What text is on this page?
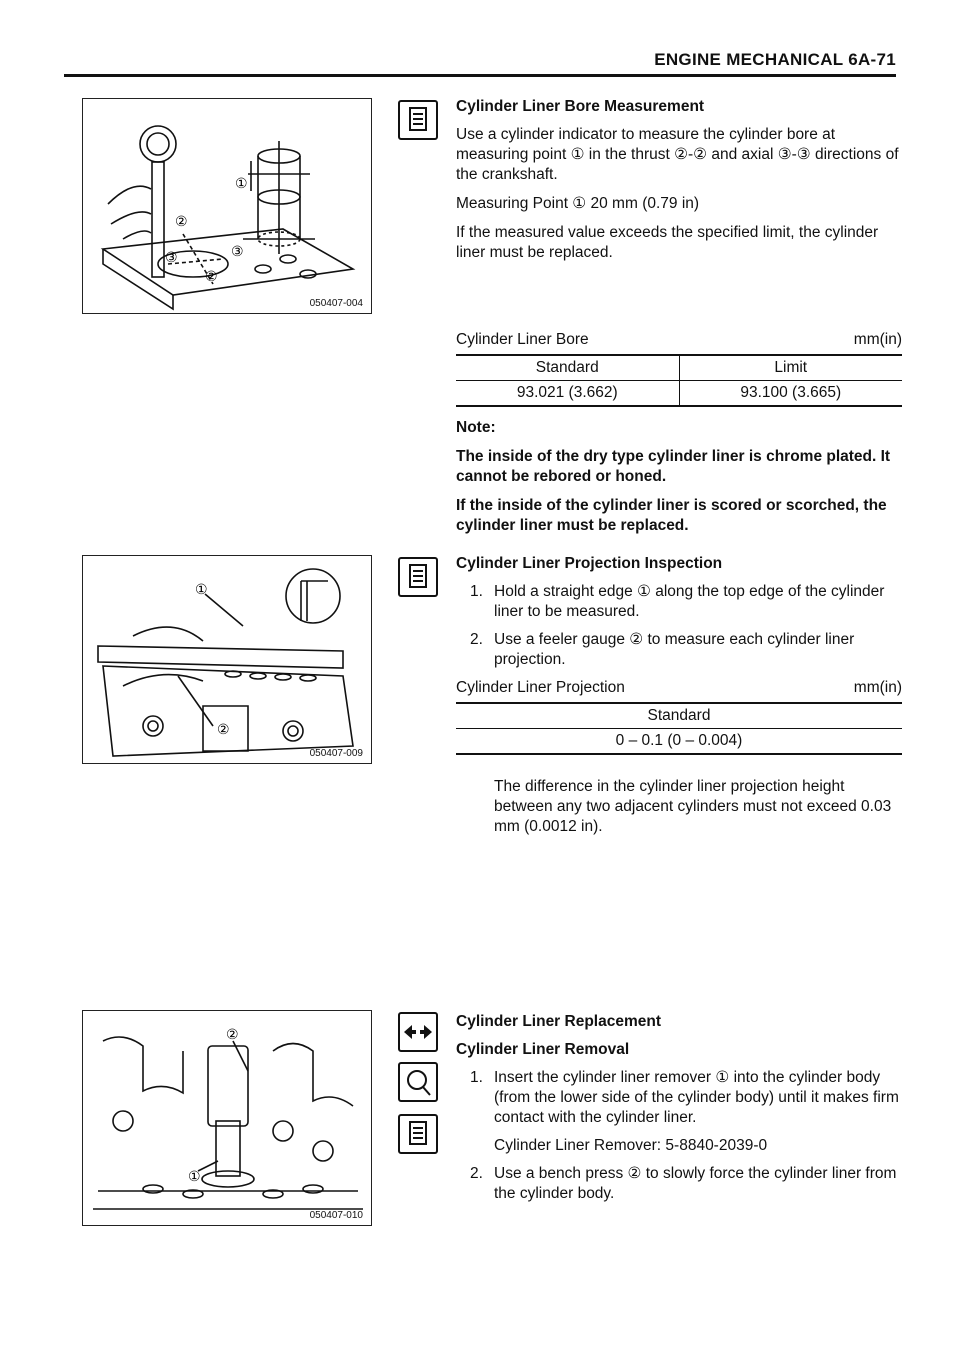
ENGINE MECHANICAL 6A-71
①
②
②
③	③
050407-004
①
②
050407-009
②
①
050407-010
Cylinder Liner Bore Measurement

Use a cylinder indicator to measure the cylinder bore at measuring point ① in the thrust ②-② and axial ③-③ directions of the crankshaft.

Measuring Point ① 20 mm (0.79 in)

If the measured value exceeds the specified limit, the cylinder liner must be replaced.

Cylinder Liner Bore	mm(in)
Standard	Limit
93.021 (3.662)	93.100 (3.665)

Note:

The inside of the dry type cylinder liner is chrome plated. It cannot be rebored or honed.

If the inside of the cylinder liner is scored or scorched, the cylinder liner must be replaced.

Cylinder Liner Projection Inspection
1. Hold a straight edge ① along the top edge of the cylinder liner to be measured.
2. Use a feeler gauge ② to measure each cylinder liner projection.
Cylinder Liner Projection	mm(in)
Standard
0 – 0.1 (0 – 0.004)

The difference in the cylinder liner projection height between any two adjacent cylinders must not exceed 0.03 mm (0.0012 in).

Cylinder Liner Replacement
Cylinder Liner Removal
1. Insert the cylinder liner remover ① into the cylinder body (from the lower side of the cylinder body) until it makes firm contact with the cylinder liner.
Cylinder Liner Remover: 5-8840-2039-0
2. Use a bench press ② to slowly force the cylinder liner from the cylinder body.
